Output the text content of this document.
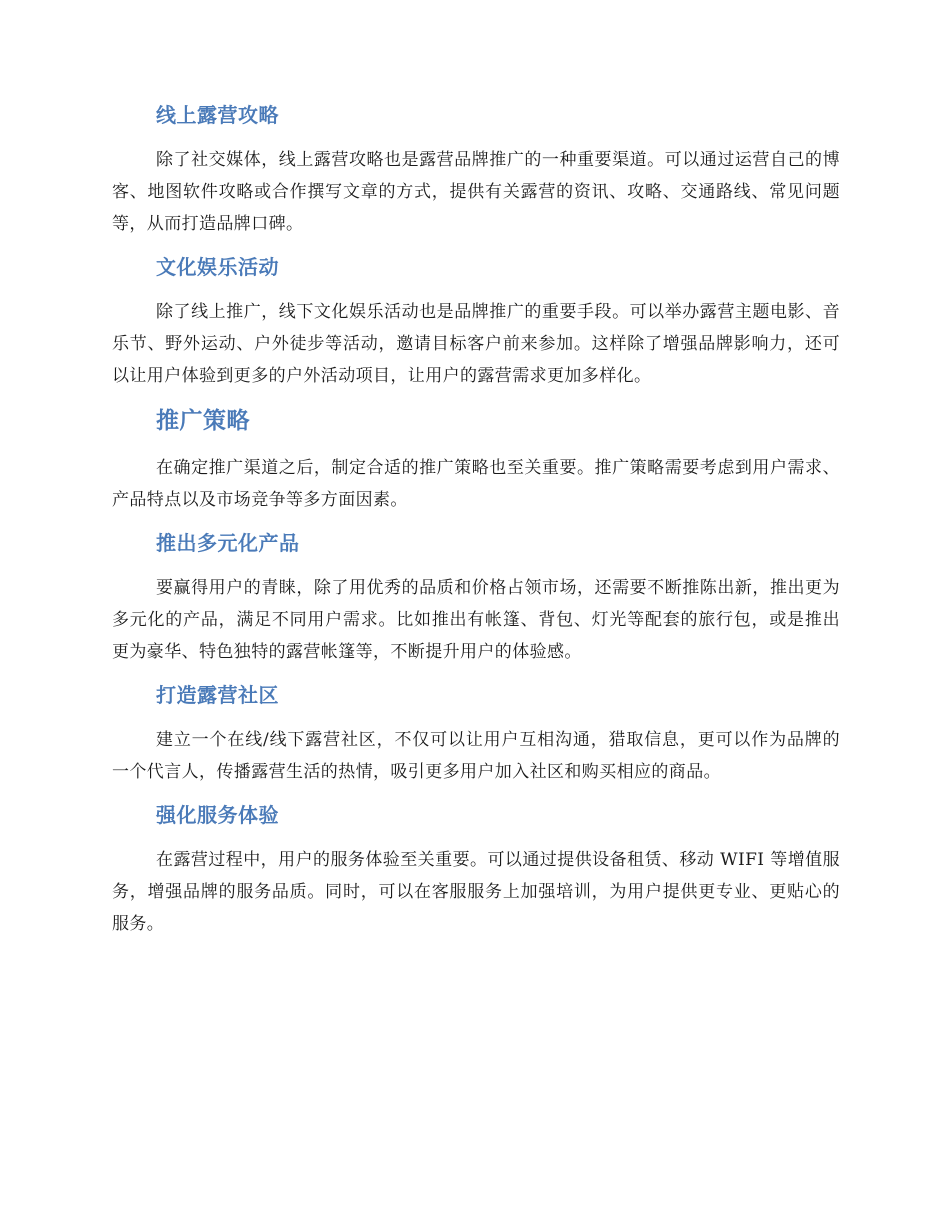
线上露营攻略

除了社交媒体，线上露营攻略也是露营品牌推广的一种重要渠道。可以通过运营自己的博客、地图软件攻略或合作撰写文章的方式，提供有关露营的资讯、攻略、交通路线、常见问题等，从而打造品牌口碑。

文化娱乐活动

除了线上推广，线下文化娱乐活动也是品牌推广的重要手段。可以举办露营主题电影、音乐节、野外运动、户外徒步等活动，邀请目标客户前来参加。这样除了增强品牌影响力，还可以让用户体验到更多的户外活动项目，让用户的露营需求更加多样化。

推广策略

在确定推广渠道之后，制定合适的推广策略也至关重要。推广策略需要考虑到用户需求、产品特点以及市场竞争等多方面因素。

推出多元化产品

要赢得用户的青睐，除了用优秀的品质和价格占领市场，还需要不断推陈出新，推出更为多元化的产品，满足不同用户需求。比如推出有帐篷、背包、灯光等配套的旅行包，或是推出更为豪华、特色独特的露营帐篷等，不断提升用户的体验感。

打造露营社区

建立一个在线/线下露营社区，不仅可以让用户互相沟通，猎取信息，更可以作为品牌的一个代言人，传播露营生活的热情，吸引更多用户加入社区和购买相应的商品。

强化服务体验

在露营过程中，用户的服务体验至关重要。可以通过提供设备租赁、移动 WIFI 等增值服务，增强品牌的服务品质。同时，可以在客服服务上加强培训，为用户提供更专业、更贴心的服务。
